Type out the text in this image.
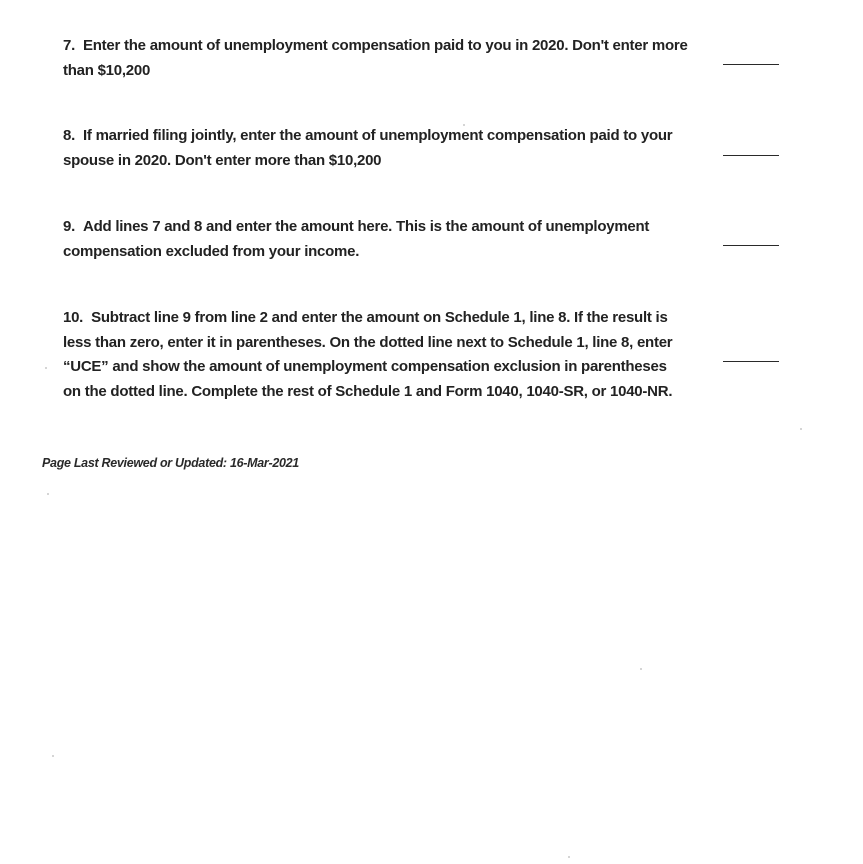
7. Enter the amount of unemployment compensation paid to you in 2020. Don't enter more than $10,200
8. If married filing jointly, enter the amount of unemployment compensation paid to your spouse in 2020. Don't enter more than $10,200
9. Add lines 7 and 8 and enter the amount here. This is the amount of unemployment compensation excluded from your income.
10. Subtract line 9 from line 2 and enter the amount on Schedule 1, line 8. If the result is less than zero, enter it in parentheses. On the dotted line next to Schedule 1, line 8, enter “UCE” and show the amount of unemployment compensation exclusion in parentheses on the dotted line. Complete the rest of Schedule 1 and Form 1040, 1040-SR, or 1040-NR.
Page Last Reviewed or Updated: 16-Mar-2021
